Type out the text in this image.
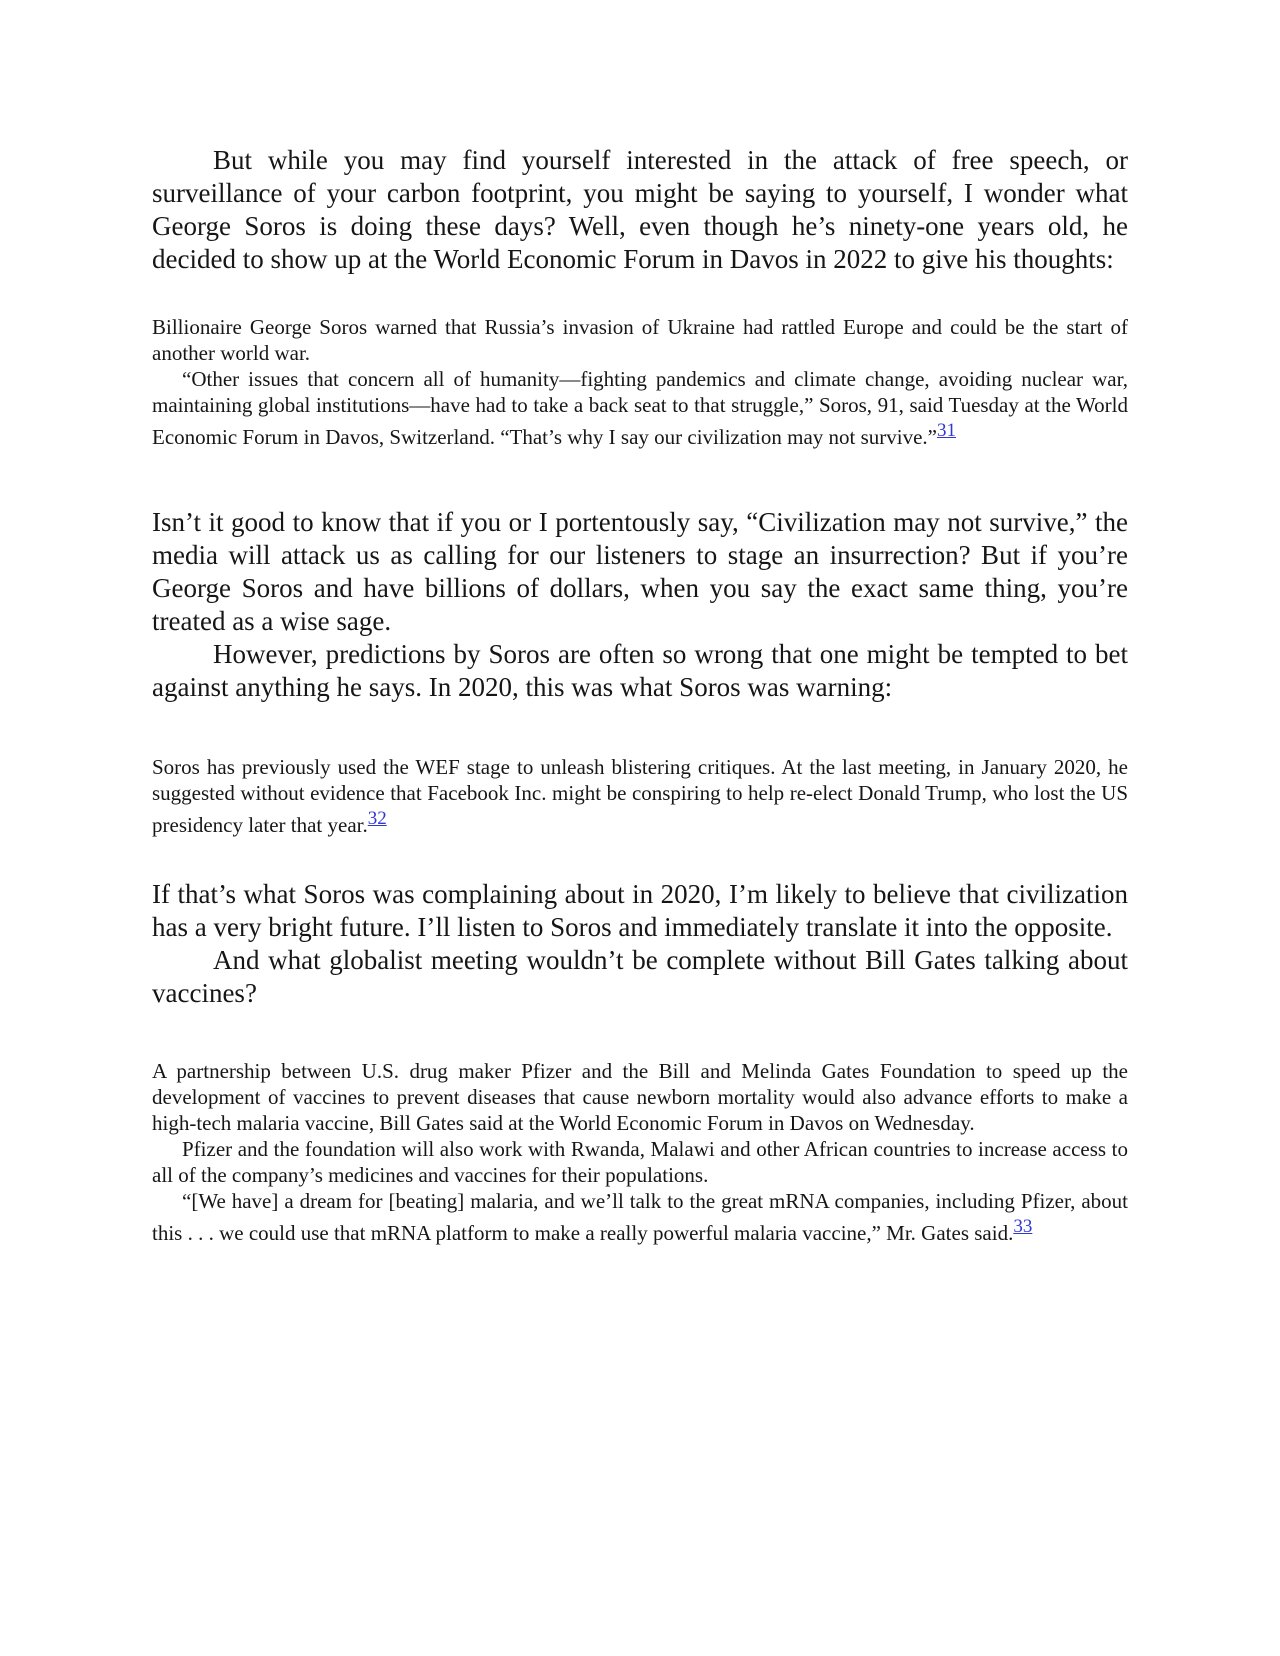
But while you may find yourself interested in the attack of free speech, or surveillance of your carbon footprint, you might be saying to yourself, I wonder what George Soros is doing these days? Well, even though he’s ninety-one years old, he decided to show up at the World Economic Forum in Davos in 2022 to give his thoughts:

Billionaire George Soros warned that Russia’s invasion of Ukraine had rattled Europe and could be the start of another world war.

“Other issues that concern all of humanity—fighting pandemics and climate change, avoiding nuclear war, maintaining global institutions—have had to take a back seat to that struggle,” Soros, 91, said Tuesday at the World Economic Forum in Davos, Switzerland. “That’s why I say our civilization may not survive.”31

Isn’t it good to know that if you or I portentously say, “Civilization may not survive,” the media will attack us as calling for our listeners to stage an insurrection? But if you’re George Soros and have billions of dollars, when you say the exact same thing, you’re treated as a wise sage.

However, predictions by Soros are often so wrong that one might be tempted to bet against anything he says. In 2020, this was what Soros was warning:

Soros has previously used the WEF stage to unleash blistering critiques. At the last meeting, in January 2020, he suggested without evidence that Facebook Inc. might be conspiring to help re-elect Donald Trump, who lost the US presidency later that year.32

If that’s what Soros was complaining about in 2020, I’m likely to believe that civilization has a very bright future. I’ll listen to Soros and immediately translate it into the opposite.

And what globalist meeting wouldn’t be complete without Bill Gates talking about vaccines?

A partnership between U.S. drug maker Pfizer and the Bill and Melinda Gates Foundation to speed up the development of vaccines to prevent diseases that cause newborn mortality would also advance efforts to make a high-tech malaria vaccine, Bill Gates said at the World Economic Forum in Davos on Wednesday.

Pfizer and the foundation will also work with Rwanda, Malawi and other African countries to increase access to all of the company’s medicines and vaccines for their populations.

“[We have] a dream for [beating] malaria, and we’ll talk to the great mRNA companies, including Pfizer, about this . . . we could use that mRNA platform to make a really powerful malaria vaccine,” Mr. Gates said.33
